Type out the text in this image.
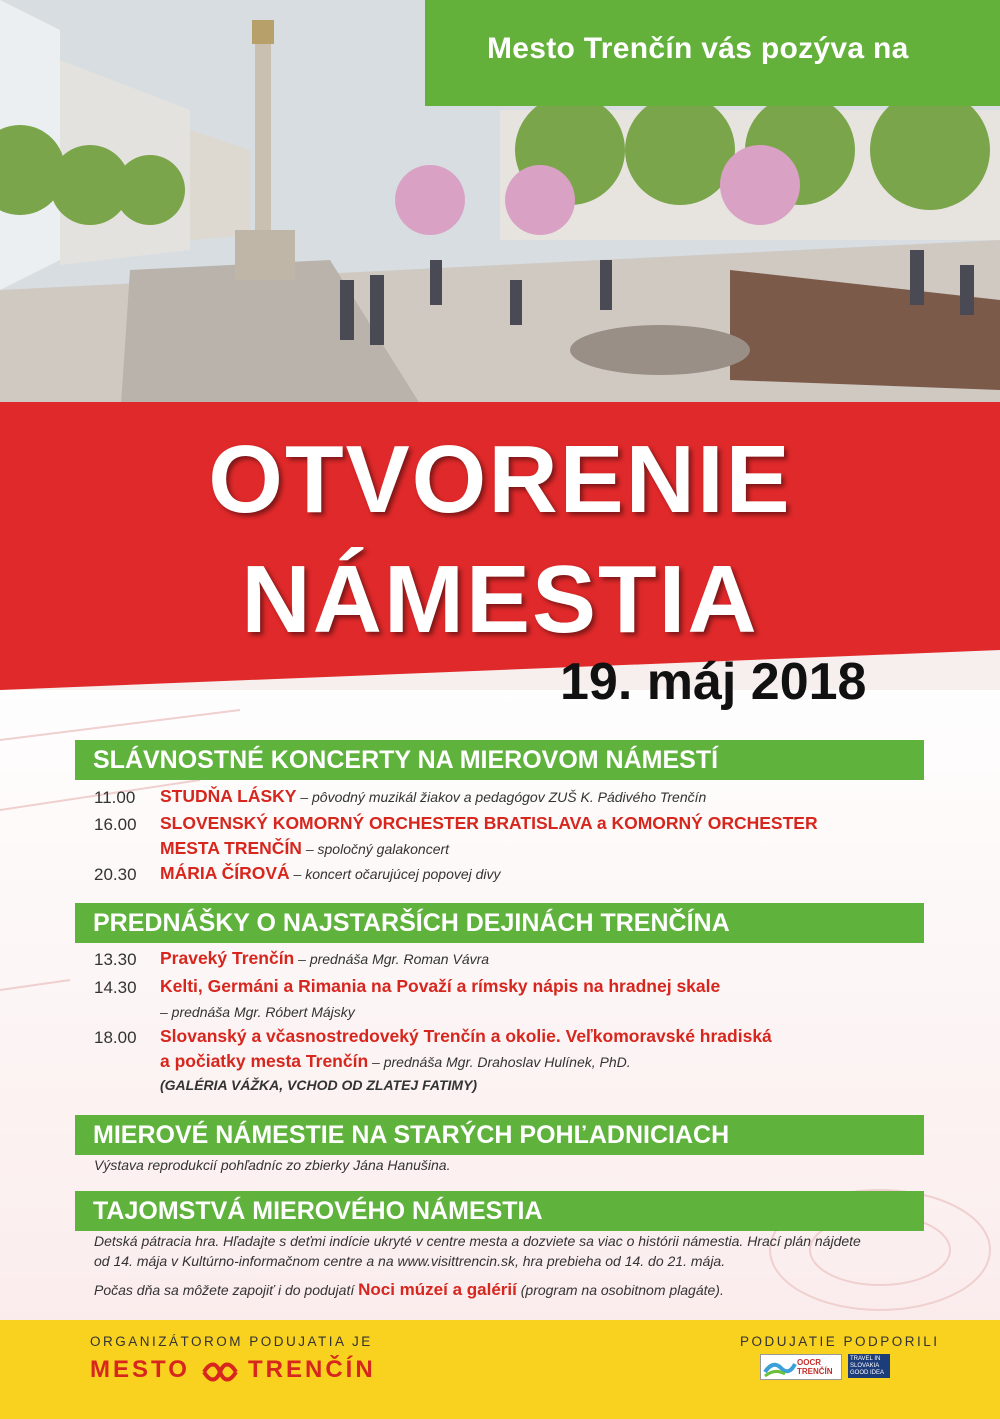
Mesto Trenčín vás pozýva na
OTVORENIE
NÁMESTIA
19. máj 2018
SLÁVNOSTNÉ KONCERTY NA MIEROVOM NÁMESTÍ
11.00 STUDŇA LÁSKY – pôvodný muzikál žiakov a pedagógov ZUŠ K. Pádivého Trenčín
16.00 SLOVENSKÝ KOMORNÝ ORCHESTER BRATISLAVA a KOMORNÝ ORCHESTER
MESTA TRENČÍN – spoločný galakoncert
20.30 MÁRIA ČÍROVÁ – koncert očarujúcej popovej divy
PREDNÁŠKY O NAJSTARŠÍCH DEJINÁCH TRENČÍNA
13.30 Praveký Trenčín – prednáša Mgr. Roman Vávra
14.30 Kelti, Germáni a Rimania na Považí a rímsky nápis na hradnej skale
– prednáša Mgr. Róbert Májsky
18.00 Slovanský a včasnostredoveký Trenčín a okolie. Veľkomoravské hradiská
a počiatky mesta Trenčín – prednáša Mgr. Drahoslav Hulínek, PhD.
(GALÉRIA VÁŽKA, VCHOD OD ZLATEJ FATIMY)
MIEROVÉ NÁMESTIE NA STARÝCH POHĽADNICIACH
Výstava reprodukcií pohľadníc zo zbierky Jána Hanušina.
TAJOMSTVÁ MIEROVÉHO NÁMESTIA
Detská pátracia hra. Hľadajte s deťmi indície ukryté v centre mesta a dozviete sa viac o histórii námestia. Hrací plán nájdete
od 14. mája v Kultúrno-informačnom centre a na www.visittrencin.sk, hra prebieha od 14. do 21. mája.
Počas dňa sa môžete zapojiť i do podujatí Noci múzeí a galérií (program na osobitnom plagáte).
ORGANIZÁTOROM PODUJATIA JE
MESTO TRENČÍN
PODUJATIE PODPORILI
OOCR TRENČÍN
TRAVEL IN SLOVAKIA GOOD IDEA
